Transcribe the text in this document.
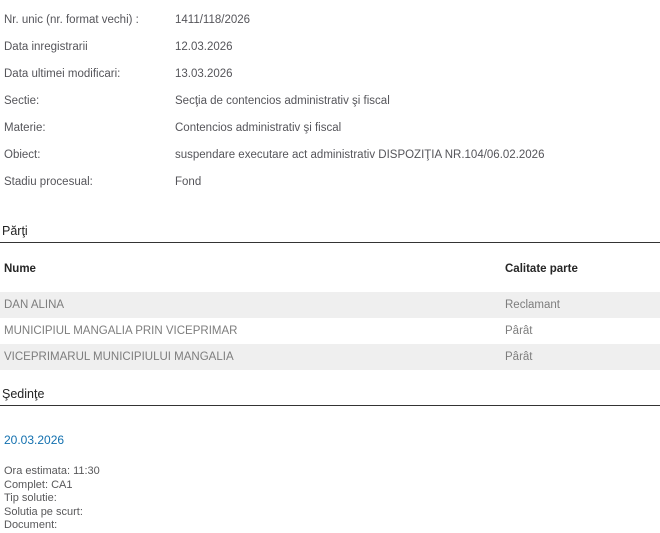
Nr. unic (nr. format vechi) :	1411/118/2026
Data inregistrarii	12.03.2026
Data ultimei modificari:	13.03.2026
Sectie:	Secţia de contencios administrativ şi fiscal
Materie:	Contencios administrativ şi fiscal
Obiect:	suspendare executare act administrativ DISPOZIŢIA NR.104/06.02.2026
Stadiu procesual:	Fond
Părţi
Nume	Calitate parte
DAN ALINA	Reclamant
MUNICIPIUL MANGALIA PRIN VICEPRIMAR	Pârât
VICEPRIMARUL MUNICIPIULUI MANGALIA	Pârât
Şedinţe
20.03.2026
Ora estimata: 11:30
Complet: CA1
Tip solutie:
Solutia pe scurt:
Document:
